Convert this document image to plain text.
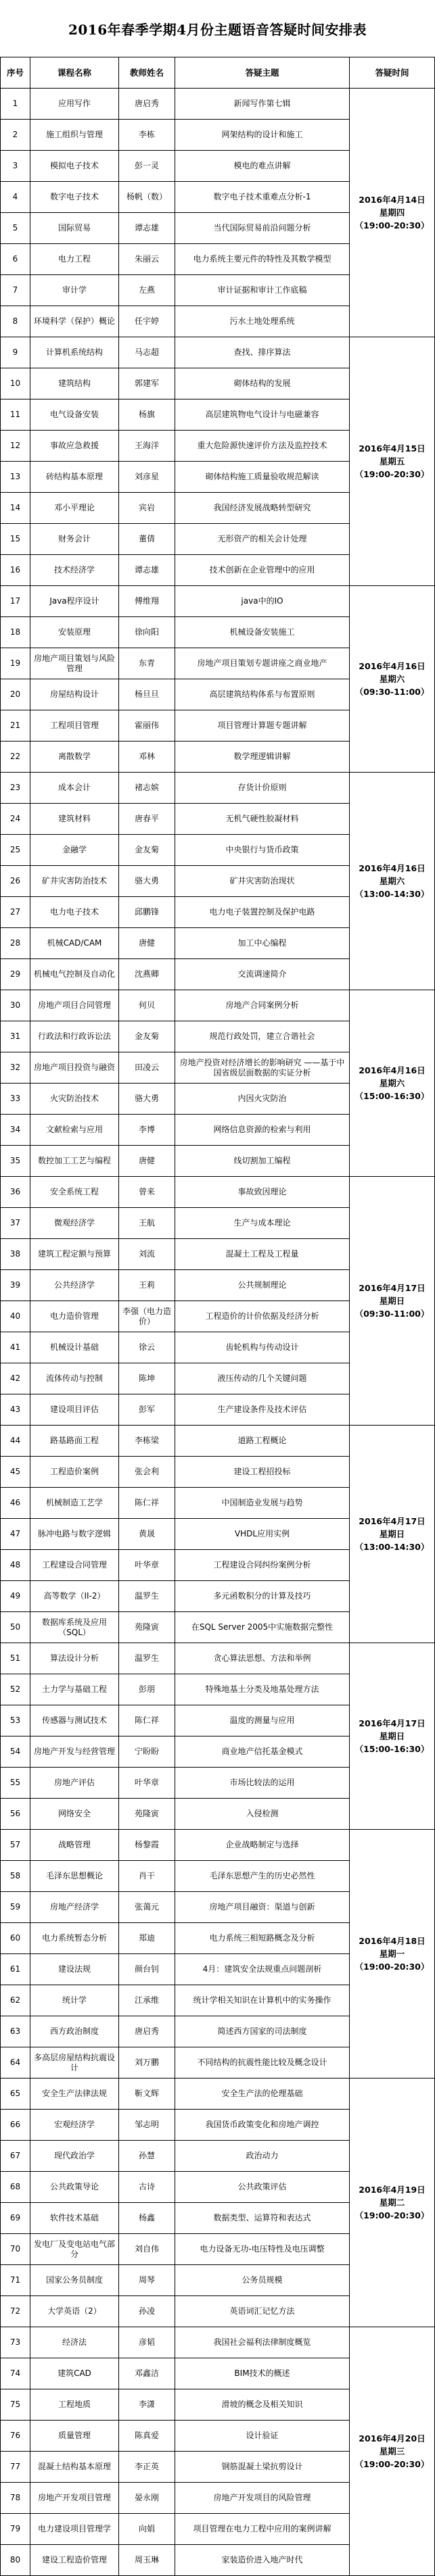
2016年春季学期4月份主题语音答疑时间安排表
序号	课程名称	教师姓名	答疑主题	答疑时间
1	应用写作	唐启秀	新闻写作第七辑	2016年4月14日
星期四
（19:00-20:30）

2	施工组织与管理	李栋	网架结构的设计和施工	
3	模拟电子技术	彭一灵	模电的难点讲解	
4	数字电子技术	杨帆（数）	数字电子技术重难点分析-1	
5	国际贸易	谭志雄	当代国际贸易前沿问题分析	
6	电力工程	朱丽云	电力系统主要元件的特性及其数学模型	
7	审计学	左燕	审计证据和审计工作底稿	
8	环境科学（保护）概论	任宇婷	污水土地处理系统	
9	计算机系统结构	马志超	查找、排序算法	2016年4月15日
星期五
（19:00-20:30）

10	建筑结构	郭建军	砌体结构的发展	
11	电气设备安装	杨旗	高层建筑物电气设计与电磁兼容	
12	事故应急救援	王海洋	重大危险源快速评价方法及监控技术	
13	砖结构基本原理	刘彦星	砌体结构施工质量验收规范解读	
14	邓小平理论	宾岩	我国经济发展战略转型研究	
15	财务会计	董倩	无形资产的相关会计处理	
16	技术经济学	谭志雄	技术创新在企业管理中的应用	
17	Java程序设计	傅维翔	java中的IO	2016年4月16日
星期六
（09:30-11:00）

18	安装原理	徐向阳	机械设备安装施工	
19	房地产项目策划与风险管理	东青	房地产项目策划专题讲座之商业地产	
20	房屋结构设计	杨旦旦	高层建筑结构体系与布置原则	
21	工程项目管理	霍丽伟	项目管理计算题专题讲解	
22	离散数学	邓林	数学理逻辑讲解	
23	成本会计	褚志嫔	存货计价原则	2016年4月16日
星期六
（13:00-14:30）

24	建筑材料	唐春平	无机气硬性胶凝材料	
25	金融学	金友菊	中央银行与货币政策	
26	矿井灾害防治技术	骆大勇	矿井灾害防治现状	
27	电力电子技术	邱鹏锋	电力电子装置控制及保护电路	
28	机械CAD/CAM	唐健	加工中心编程	
29	机械电气控制及自动化	沈燕卿	交流调速简介	
30	房地产项目合同管理	何贝	房地产合同案例分析	2016年4月16日
星期六
（15:00-16:30）

31	行政法和行政诉讼法	金友菊	规范行政处罚，建立合谐社会	
32	房地产项目投资与融资	田凌云	房地产投资对经济增长的影响研究 ——基于中国省级层面数据的实证分析	
33	火灾防治技术	骆大勇	内因火灾防治	
34	文献检索与应用	李博	网络信息资源的检索与利用	
35	数控加工工艺与编程	唐健	线切割加工编程	
36	安全系统工程	曾来	事故致因理论	2016年4月17日
星期日
（09:30-11:00）

37	微观经济学	王航	生产与成本理论	
38	建筑工程定额与预算	刘流	混凝土工程及工程量	
39	公共经济学	王莉	公共规制理论	
40	电力造价管理	李强（电力造价）	工程造价的计价依据及经济分析	
41	机械设计基础	徐云	齿轮机构与传动设计	
42	流体传动与控制	陈坤	液压传动的几个关键问题	
43	建设项目评估	彭军	生产建设条件及技术评估	
44	路基路面工程	李栋梁	道路工程概论	2016年4月17日
星期日
（13:00-14:30）

45	工程造价案例	张会利	建设工程招投标	
46	机械制造工艺学	陈仁祥	中国制造业发展与趋势	
47	脉冲电路与数字逻辑	黄晟	VHDL应用实例	
48	工程建设合同管理	叶华章	工程建设合同纠纷案例分析	
49	高等数学（II-2）	温罗生	多元函数积分的计算及技巧	
50	数据库系统及应用（SQL）	苑隆寅	在SQL Server 2005中实施数据完整性	
51	算法设计分析	温罗生	贪心算法思想、方法和举例	2016年4月17日
星期日
（15:00-16:30）

52	土力学与基础工程	彭朋	特殊地基土分类及地基处理方法	
53	传感器与测试技术	陈仁祥	温度的测量与应用	
54	房地产开发与经营管理	宁盼盼	商业地产信托基金模式	
55	房地产评估	叶华章	市场比较法的运用	
56	网络安全	苑隆寅	入侵检测	
57	战略管理	杨黎霞	企业战略制定与选择	2016年4月18日
星期一
（19:00-20:30）

58	毛泽东思想概论	肖干	毛泽东思想产生的历史必然性	
59	房地产经济学	张蔼元	房地产项目融资：渠道与创新	
60	电力系统暂态分析	郑迪	电力系统三相短路概念及分析	
61	建设法规	颜台钊	4月：建筑安全法规重点问题剖析	
62	统计学	江承维	统计学相关知识在计算机中的实务操作	
63	西方政治制度	唐启秀	简述西方国家的司法制度	
64	多高层房屋结构抗震设计	刘万鹏	不同结构的抗震性能比较及概念设计	
65	安全生产法律法规	靳文辉	安全生产法的伦理基础	2016年4月19日
星期二
（19:00-20:30）

66	宏观经济学	邹志明	我国货币政策变化和房地产调控	
67	现代政治学	孙慧	政治动力	
68	公共政策导论	古诗	公共政策评估	
69	软件技术基础	杨鑫	数据类型、运算符和表达式	
70	发电厂及变电站电气部分	刘自伟	电力设备无功-电压特性及电压调整	
71	国家公务员制度	周琴	公务员规模	
72	大学英语（2）	孙凌	英语词汇记忆方法	
73	经济法	彦韬	我国社会福利法律制度概览	2016年4月20日
星期三
（19:00-20:30）

74	建筑CAD	邓鑫洁	BIM技术的概述	
75	工程地质	李潇	滑坡的概念及相关知识	
76	质量管理	陈真爱	设计验证	
77	混凝土结构基本原理	李正英	钢筋混凝土梁抗剪设计	
78	房地产开发项目管理	晏永刚	房地产开发项目的风险管理	
79	电力建设项目管理学	向娟	项目管理在电力工程中应用的案例讲解	
80	建设工程造价管理	周玉琳	家装造价进入地产时代	
